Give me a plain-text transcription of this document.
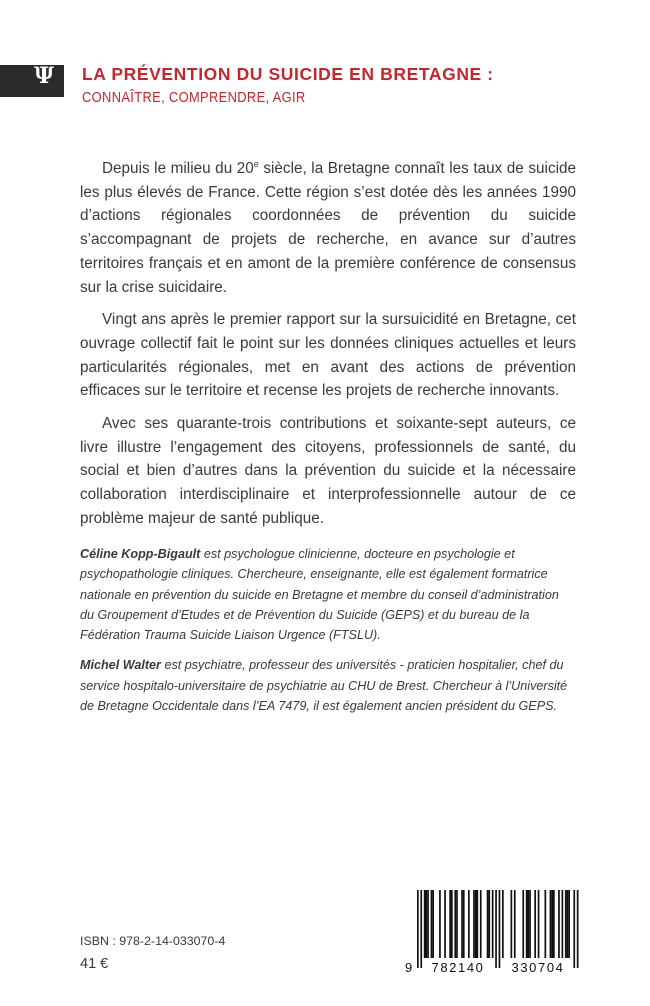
Ψ LA PRÉVENTION DU SUICIDE EN BRETAGNE :
CONNAÎTRE, COMPRENDRE, AGIR

Depuis le milieu du 20e siècle, la Bretagne connaît les taux de suicide les plus élevés de France. Cette région s’est dotée dès les années 1990 d’actions régionales coordonnées de prévention du suicide s’accompagnant de projets de recherche, en avance sur d’autres territoires français et en amont de la première conférence de consensus sur la crise suicidaire.

Vingt ans après le premier rapport sur la sursuicidité en Bretagne, cet ouvrage collectif fait le point sur les données cliniques actuelles et leurs particularités régionales, met en avant des actions de prévention efficaces sur le territoire et recense les projets de recherche innovants.

Avec ses quarante-trois contributions et soixante-sept auteurs, ce livre illustre l’engagement des citoyens, professionnels de santé, du social et bien d’autres dans la prévention du suicide et la nécessaire collaboration interdisciplinaire et interprofessionnelle autour de ce problème majeur de santé publique.

Céline Kopp-Bigault est psychologue clinicienne, docteure en psychologie et psychopathologie cliniques. Chercheure, enseignante, elle est également formatrice nationale en prévention du suicide en Bretagne et membre du conseil d’administration du Groupement d’Etudes et de Prévention du Suicide (GEPS) et du bureau de la Fédération Trauma Suicide Liaison Urgence (FTSLU).

Michel Walter est psychiatre, professeur des universités - praticien hospitalier, chef du service hospitalo-universitaire de psychiatrie au CHU de Brest. Chercheur à l’Université de Bretagne Occidentale dans l’EA 7479, il est également ancien président du GEPS.

ISBN : 978-2-14-033070-4
41 €	9	782140	330704
